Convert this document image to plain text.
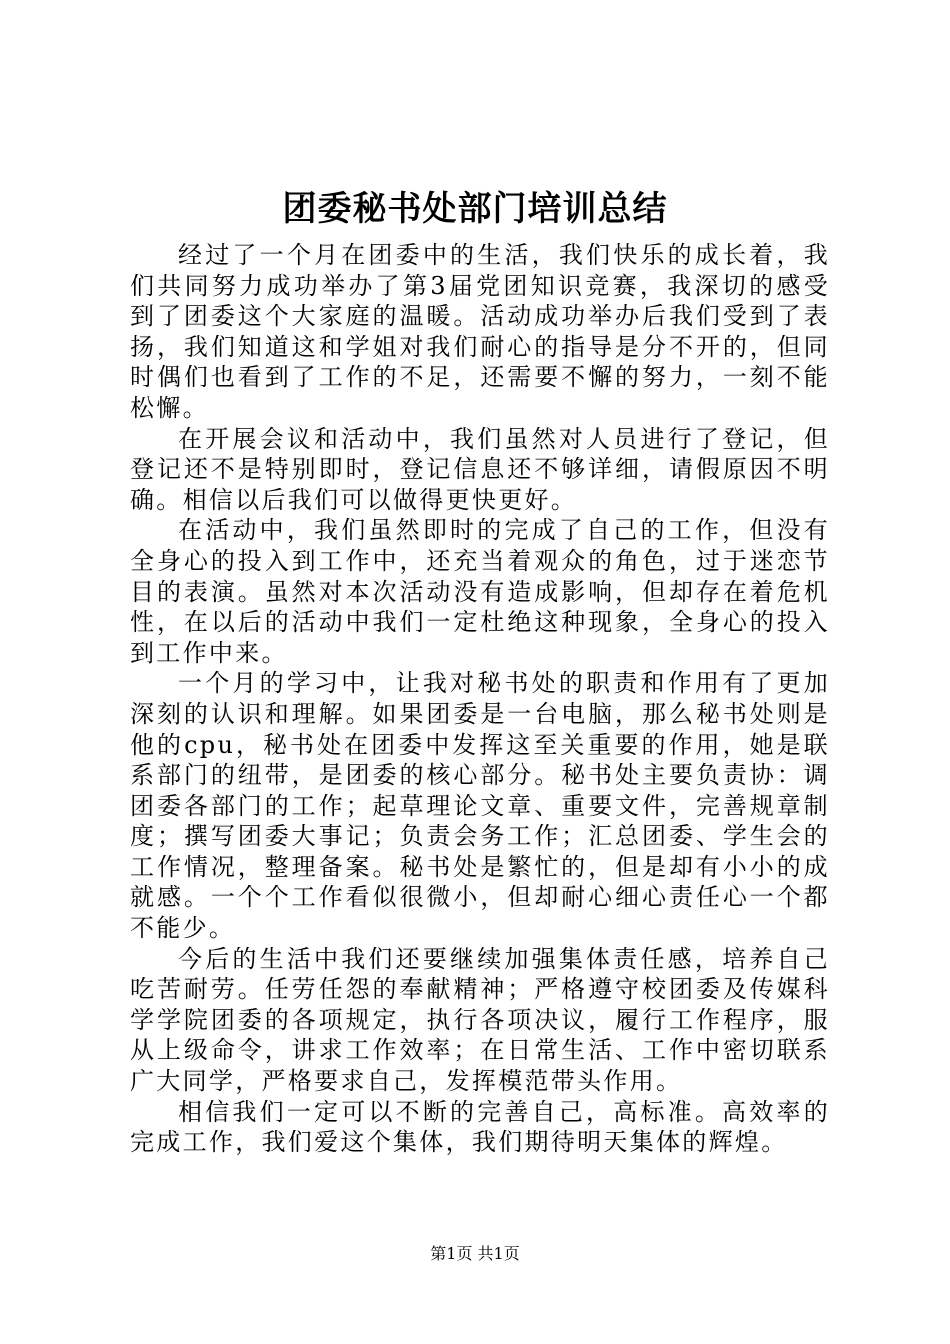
团委秘书处部门培训总结

经过了一个月在团委中的生活，我们快乐的成长着，我们共同努力成功举办了第3届党团知识竞赛，我深切的感受到了团委这个大家庭的温暖。活动成功举办后我们受到了表扬，我们知道这和学姐对我们耐心的指导是分不开的，但同时偶们也看到了工作的不足，还需要不懈的努力，一刻不能松懈。

在开展会议和活动中，我们虽然对人员进行了登记，但登记还不是特别即时，登记信息还不够详细，请假原因不明确。相信以后我们可以做得更快更好。

在活动中，我们虽然即时的完成了自己的工作，但没有全身心的投入到工作中，还充当着观众的角色，过于迷恋节目的表演。虽然对本次活动没有造成影响，但却存在着危机性，在以后的活动中我们一定杜绝这种现象，全身心的投入到工作中来。

一个月的学习中，让我对秘书处的职责和作用有了更加深刻的认识和理解。如果团委是一台电脑，那么秘书处则是他的cpu，秘书处在团委中发挥这至关重要的作用，她是联系部门的纽带，是团委的核心部分。秘书处主要负责协：调团委各部门的工作；起草理论文章、重要文件，完善规章制度；撰写团委大事记；负责会务工作；汇总团委、学生会的工作情况，整理备案。秘书处是繁忙的，但是却有小小的成就感。一个个工作看似很微小，但却耐心细心责任心一个都不能少。

今后的生活中我们还要继续加强集体责任感，培养自己吃苦耐劳。任劳任怨的奉献精神；严格遵守校团委及传媒科学学院团委的各项规定，执行各项决议，履行工作程序，服从上级命令，讲求工作效率；在日常生活、工作中密切联系广大同学，严格要求自己，发挥模范带头作用。

相信我们一定可以不断的完善自己，高标准。高效率的完成工作，我们爱这个集体，我们期待明天集体的辉煌。

第1页 共1页
